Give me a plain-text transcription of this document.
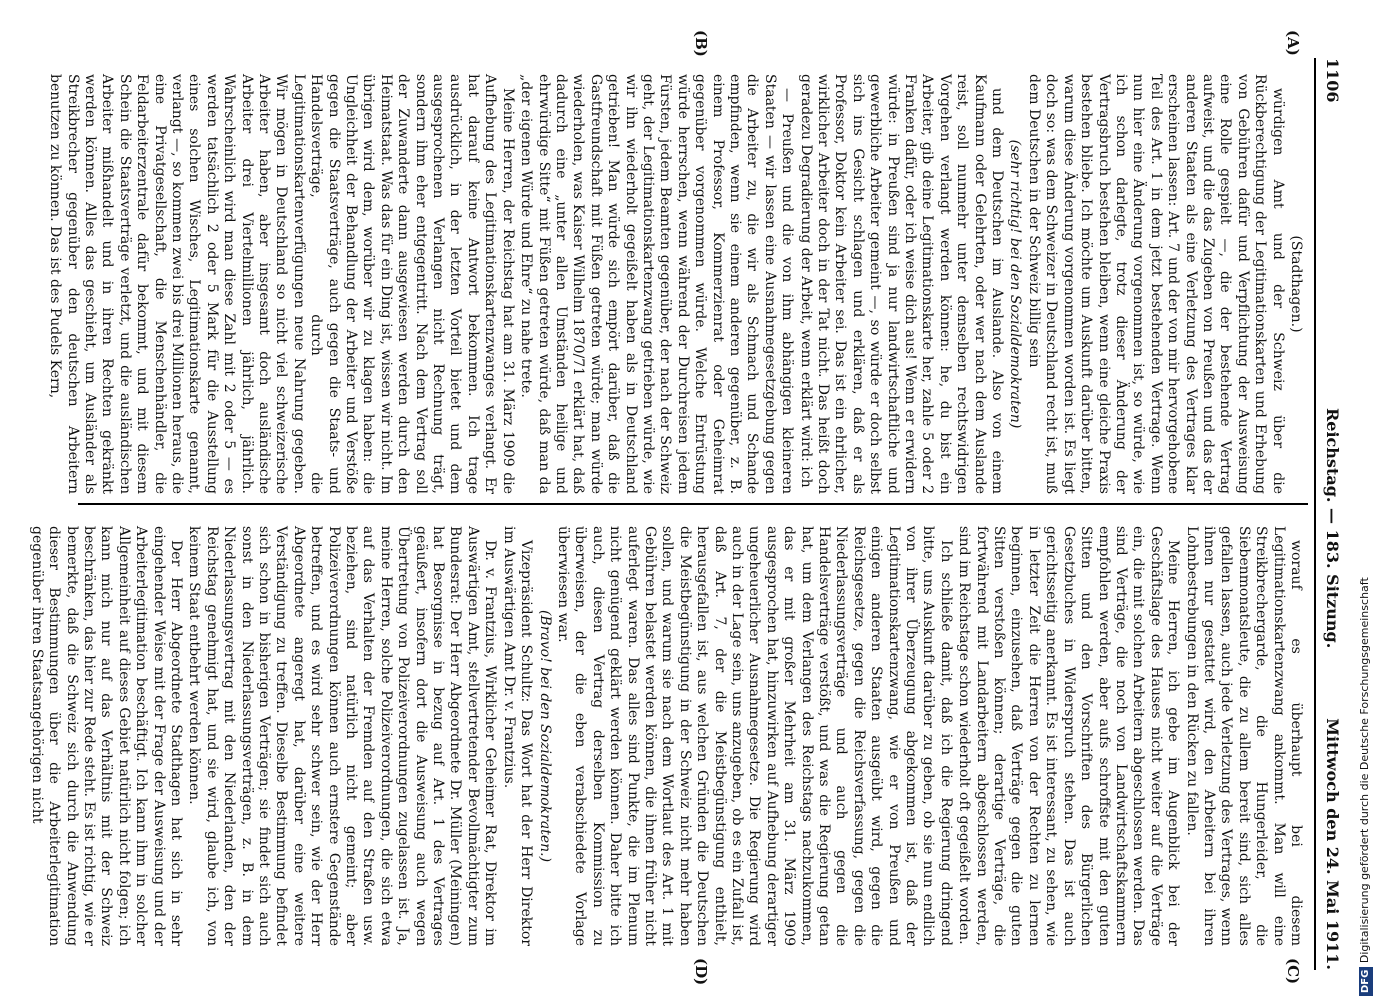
1106
Reichstag. — 183. Sitzung.
Mittwoch den 24. Mai 1911.
(A)
(B)
(C)
(D)

(Stadthagen.)

würdigen Amt und der Schweiz über die Rückberechtigung der Legitimationskarten und Erhebung von Gebühren dafür und Verpflichtung der Ausweisung eine Rolle gespielt —, die der bestehende Vertrag aufweist, und die das Zugeben von Preußen und das der anderen Staaten als eine Verletzung des Vertrages klar erscheinen lassen: Art. 7 und der von mir hervorgehobene Teil des Art. 1 in dem jetzt bestehenden Vertrage. Wenn nun hier eine Änderung vorgenommen ist, so würde, wie ich schon darlegte, trotz dieser Änderung der Vertragsbruch bestehen bleiben, wenn eine gleiche Praxis bestehen bliebe. Ich möchte um Auskunft darüber bitten, warum diese Änderung vorgenommen worden ist. Es liegt doch so: was dem Schweizer in Deutschland recht ist, muß dem Deutschen in der Schweiz billig sein

(sehr richtig! bei den Sozialdemokraten)

und dem Deutschen im Auslande. Also von einem Kaufmann oder Gelehrten, oder wer nach dem Auslande reist, soll nunmehr unter demselben rechtswidrigen Vorgehen verlangt werden können: he, du bist ein Arbeiter, gib deine Legitimationskarte her, zahle 5 oder 2 Franken dafür, oder ich weise dich aus! Wenn er erwidern würde: in Preußen sind ja nur landwirtschaftliche und gewerbliche Arbeiter gemeint —, so würde er doch selbst sich ins Gesicht schlagen und erklären, daß er als Professor, Doktor kein Arbeiter sei. Das ist ein ehrlicher, wirklicher Arbeiter doch in der Tat nicht. Das heißt doch geradezu Degradierung der Arbeit, wenn erklärt wird: ich

— Preußen und die von ihm abhängigen kleineren Staaten — wir lassen eine Ausnahmegesetzgebung gegen die Arbeiter zu, die wir als Schmach und Schande empfinden, wenn sie einem anderen gegenüber, z. B. einem Professor, Kommerzienrat oder Geheimrat gegenüber vorgenommen würde. Welche Entrüstung würde herrschen, wenn während der Durchreisen jedem Fürsten, jedem Beamten gegenüber, der nach der Schweiz geht, der Legitimationskartenzwang getrieben würde, wie wir ihn wiederholt gegeißelt haben als in Deutschland getrieben! Man würde sich empört darüber, daß die Gastfreundschaft mit Füßen getreten würde; man würde wiederholen, was Kaiser Wilhelm 1870/71 erklärt hat, daß dadurch eine „unter allen Umständen heilige und ehrwürdige Sitte“ mit Füßen getreten würde, daß man da „der eigenen Würde und Ehre“ zu nahe trete.

Meine Herren, der Reichstag hat am 31. März 1909 die Aufhebung des Legitimationskartenzwanges verlangt. Er hat darauf keine Antwort bekommen. Ich trage ausdrücklich, in der letzten Vorteil bietet und dem ausgesprochenen Verlangen nicht Rechnung trägt, sondern ihm eher entgegentritt. Nach dem Vertrag soll der Zuwanderte dann ausgewiesen werden durch den Heimatstaat. Was das für ein Ding ist, wissen wir nicht. Im übrigen wird dem, worüber wir zu klagen haben: die Ungleichheit der Behandlung der Arbeiter und Verstöße gegen die Staatsverträge, auch gegen die Staats- und Handelsverträge, durch die Legitimationskartenverfügungen neue Nahrung gegeben. Wir mögen in Deutschland so nicht viel schweizerische Arbeiter haben, aber insgesamt doch ausländische Arbeiter drei Viertelmillionen jährlich, jährlich. Wahrscheinlich wird man diese Zahl mit 2 oder 5 — es werden tatsächlich 2 oder 5 Mark für die Ausstellung eines solchen Wisches, Legitimationskarte genannt, verlangt —, so kommen zwei bis drei Millionen heraus, die eine Privatgesellschaft, die Menschenhändler, die Feldarbeiterzentrale dafür bekommt, und mit diesem Schein die Staatsverträge verletzt, und die ausländischen Arbeiter mißhandelt und in ihren Rechten gekränkt werden können. Alles das geschieht, um Ausländer als Streikbrecher gegenüber den deutschen Arbeitern benutzen zu können. Das ist des Pudels Kern,

worauf es überhaupt bei diesem Legitimationskartenzwang ankommt. Man will eine Streikbrechergarde, die Hungerleider, die Siebenmonatsleute, die zu allem bereit sind, sich alles gefallen lassen, auch jede Verletzung des Vertrages, wenn ihnen nur gestattet wird, den Arbeitern bei ihren Lohnbestrebungen in den Rücken zu fallen.

Meine Herren, ich gebe im Augenblick bei der Geschäftslage des Hauses nicht weiter auf die Verträge ein, die mit solchen Arbeitern abgeschlossen werden. Das sind Verträge, die noch von Landwirtschaftskammern empfohlen werden, aber aufs schroffste mit den guten Sitten und den Vorschriften des Bürgerlichen Gesetzbuches in Widerspruch stehen. Das ist auch gerichtsseitig anerkannt. Es ist interessant, zu sehen, wie in letzter Zeit die Herren von der Rechten zu lernen beginnen, einzusehen, daß Verträge gegen die guten Sitten verstoßen können; derartige Verträge, die fortwährend mit Landarbeitern abgeschlossen werden, sind im Reichstage schon wiederholt oft gegeißelt worden.

Ich schließe damit, daß ich die Regierung dringend bitte, uns Auskunft darüber zu geben, ob sie nun endlich von ihrer Überzeugung abgekommen ist, daß der Legitimationskartenzwang, wie er von Preußen und einigen anderen Staaten ausgeübt wird, gegen die Reichsgesetze, gegen die Reichsverfassung, gegen die Niederlassungsverträge und auch gegen die Handelsverträge verstößt, und was die Regierung getan hat, um dem Verlangen des Reichstags nachzukommen, das er mit großer Mehrheit am 31. März 1909 ausgesprochen hat, hinzuwirken auf Aufhebung derartiger ungeheuerlicher Ausnahmegesetze. Die Regierung wird auch in der Lage sein, uns anzugeben, ob es ein Zufall ist, daß Art. 7, der die Meistbegünstigung enthielt, herausgefallen ist, aus welchen Gründen die Deutschen die Meistbegünstigung in der Schweiz nicht mehr haben sollen, und warum sie nach dem Wortlaut des Art. 1 mit Gebühren belastet werden können, die ihnen früher nicht auferlegt waren. Das alles sind Punkte, die im Plenum nicht genügend geklärt werden können. Daher bitte ich auch, diesen Vertrag derselben Kommission zu überweisen, der die eben verabschiedete Vorlage überwiesen war.

(Bravo! bei den Sozialdemokraten.)

Vizepräsident Schultz: Das Wort hat der Herr Direktor im Auswärtigen Amt Dr. v. Frantzius.

Dr. v. Frantzius, Wirklicher Geheimer Rat, Direktor im Auswärtigen Amt, stellvertretender Bevollmächtigter zum Bundesrat: Der Herr Abgeordnete Dr. Müller (Meiningen) hat Besorgnisse in bezug auf Art. 1 des Vertrages geäußert, insofern dort die Ausweisung auch wegen Übertretung von Polizeiverordnungen zugelassen ist. Ja, meine Herren, solche Polizeiverordnungen, die sich etwa auf das Verhalten der Fremden auf den Straßen usw. beziehen, sind natürlich nicht gemeint; aber Polizeiverordnungen können auch ernstere Gegenstände betreffen, und es wird sehr schwer sein, wie der Herr Abgeordnete angeregt hat, darüber eine weitere Verständigung zu treffen. Dieselbe Bestimmung befindet sich schon in bisherigen Verträgen; sie findet sich auch sonst in den Niederlassungsverträgen, z. B. in dem Niederlassungsvertrag mit den Niederlanden, den der Reichstag genehmigt hat, und sie wird, glaube ich, von keinem Staat entbehrt werden können.

Der Herr Abgeordnete Stadthagen hat sich in sehr eingehender Weise mit der Frage der Ausweisung und der Arbeiterlegitimation beschäftigt. Ich kann ihm in solcher Allgemeinheit auf dieses Gebiet natürlich nicht folgen; ich kann mich nur auf das Verhältnis mit der Schweiz beschränken, das hier zur Rede steht. Es ist richtig, wie er bemerkte, daß die Schweiz sich durch die Anwendung dieser Bestimmungen über die Arbeiterlegitimation gegenüber ihren Staatsangehörigen nicht

DFG Digitalisierung gefördert durch die Deutsche Forschungsgemeinschaft
